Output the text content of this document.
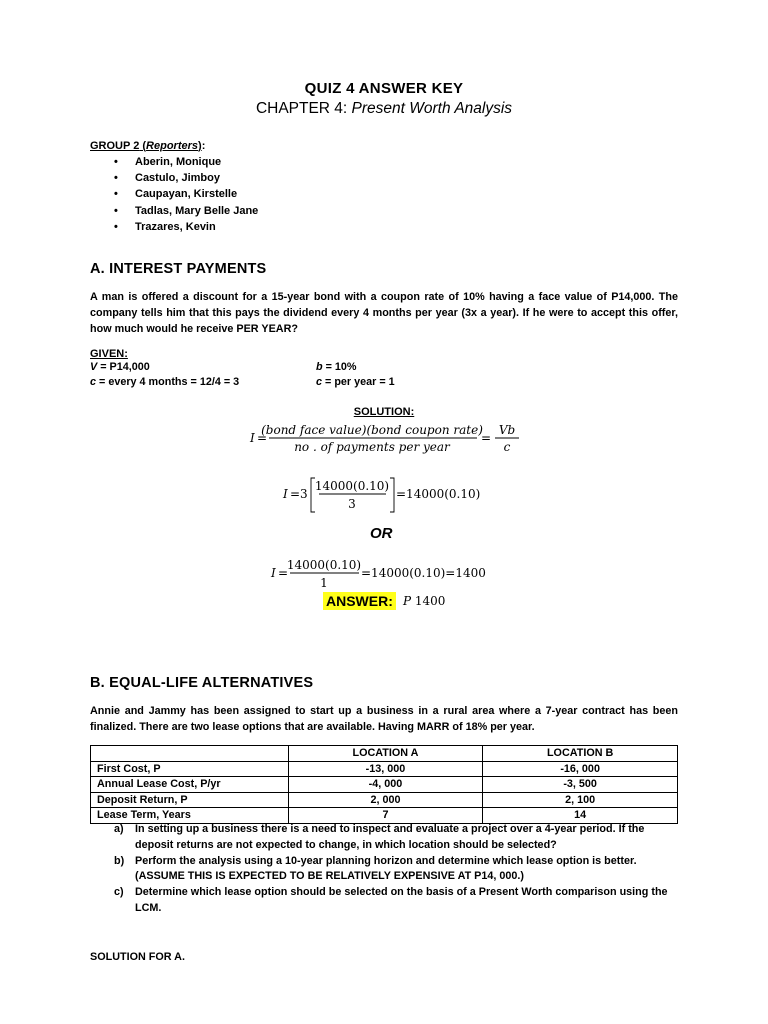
QUIZ 4 ANSWER KEY
CHAPTER 4: Present Worth Analysis
GROUP 2 (Reporters):
•	Aberin, Monique
•	Castulo, Jimboy
•	Caupayan, Kirstelle
•	Tadlas, Mary Belle Jane
•	Trazares, Kevin
A. INTEREST PAYMENTS
A man is offered a discount for a 15-year bond with a coupon rate of 10% having a face value of P14,000. The company tells him that this pays the dividend every 4 months per year (3x a year). If he were to accept this offer, how much would he receive PER YEAR?
GIVEN:
V = P14,000
c = every 4 months = 12/4 = 3
b = 10%
c = per year = 1
SOLUTION:
I =
(bond face value)(bond coupon rate)
no . of payments per year
=
Vb
c
I =3
14000(0.10)
3
=14000(0.10)
OR
I =
14000(0.10)
1
=14000(0.10)=1400
ANSWER: P 1400
B. EQUAL-LIFE ALTERNATIVES
Annie and Jammy has been assigned to start up a business in a rural area where a 7-year contract has been finalized. There are two lease options that are available. Having MARR of 18% per year.
	LOCATION A	LOCATION B
First Cost, P	-13, 000	-16, 000
Annual Lease Cost, P/yr	-4, 000	-3, 500
Deposit Return, P	2, 000	2, 100
Lease Term, Years	7	14
a)	In setting up a business there is a need to inspect and evaluate a project over a 4-year period. If the deposit returns are not expected to change, in which location should be selected?
b) Perform the analysis using a 10-year planning horizon and determine which lease option is better. (ASSUME THIS IS EXPECTED TO BE RELATIVELY EXPENSIVE AT P14, 000.)
c)	Determine which lease option should be selected on the basis of a Present Worth comparison using the LCM.
SOLUTION FOR A.
